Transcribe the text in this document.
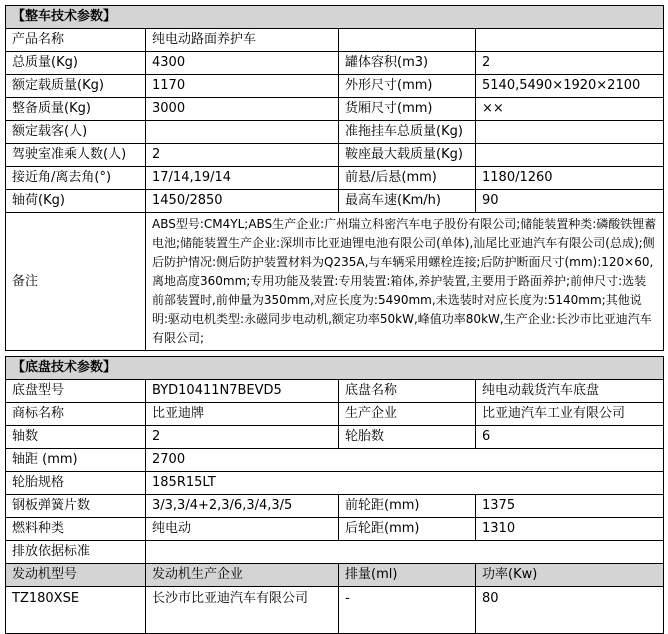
【整车技术参数】			
产品名称	纯电动路面养护车		
总质量(Kg)	4300	罐体容积(m3)	2
额定载质量(Kg)	1170	外形尺寸(mm)	5140,5490×1920×2100
整备质量(Kg)	3000	货厢尺寸(mm)	××
额定载客(人)		准拖挂车总质量(Kg)	
驾驶室准乘人数(人)	2	鞍座最大载质量(Kg)	
接近角/离去角(°)	17/14,19/14	前悬/后悬(mm)	1180/1260
轴荷(Kg)	1450/2850	最高车速(Km/h)	90
备注	ABS型号:CM4YL;ABS生产企业:广州瑞立科密汽车电子股份有限公司;储能装置种类:磷酸铁锂蓄电池;储能装置生产企业:深圳市比亚迪锂电池有限公司(单体),汕尾比亚迪汽车有限公司(总成);侧后防护情况:侧后防护装置材料为Q235A,与车辆采用螺栓连接;后防护断面尺寸(mm):120×60,离地高度360mm;专用功能及装置:专用装置:箱体,养护装置,主要用于路面养护;前伸尺寸:选装前部装置时,前伸量为350mm,对应长度为:5490mm,未选装时对应长度为:5140mm;其他说明:驱动电机类型:永磁同步电动机,额定功率50kW,峰值功率80kW,生产企业:长沙市比亚迪汽车有限公司;		
【底盘技术参数】			
底盘型号	BYD10411N7BEVD5	底盘名称	纯电动载货汽车底盘
商标名称	比亚迪牌	生产企业	比亚迪汽车工业有限公司
轴数	2	轮胎数	6
轴距 (mm)	2700		
轮胎规格	185R15LT		
钢板弹簧片数	3/3,3/4+2,3/6,3/4,3/5	前轮距(mm)	1375
燃料种类	纯电动	后轮距(mm)	1310
排放依据标准			
发动机型号	发动机生产企业	排量(ml)	功率(Kw)
TZ180XSE	长沙市比亚迪汽车有限公司	-	80
